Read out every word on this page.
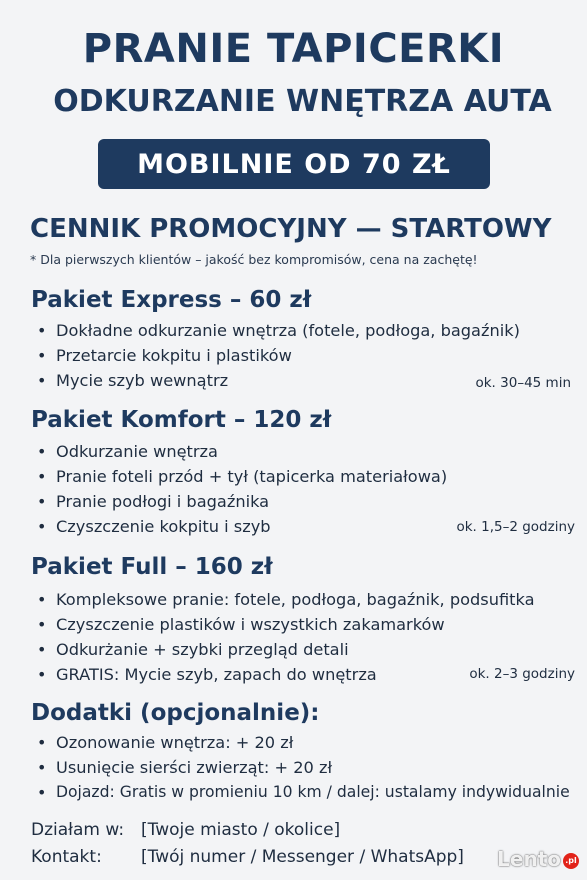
PRANIE TAPICERKI
ODKURZANIE WNĘTRZA AUTA
MOBILNIE OD 70 ZŁ
CENNIK PROMOCYJNY — STARTOWY
* Dla pierwszych klientów – jakość bez kompromisów, cena na zachętę!
Pakiet Express – 60 zł
• Dokładne odkurzanie wnętrza (fotele, podłoga, bagaźnik)
• Przetarcie kokpitu i plastików
• Mycie szyb wewnątrz	ok. 30–45 min
Pakiet Komfort – 120 zł
• Odkurzanie wnętrza
• Pranie foteli przód + tył (tapicerka materiałowa)
• Pranie podłogi i bagaźnika
• Czyszczenie kokpitu i szyb	ok. 1,5–2 godziny
Pakiet Full – 160 zł
• Kompleksowe pranie: fotele, podłoga, bagaźnik, podsufitka
• Czyszczenie plastików i wszystkich zakamarków
• Odkurżanie + szybki przegląd detali
• GRATIS: Mycie szyb, zapach do wnętrza	ok. 2–3 godziny
Dodatki (opcjonalnie):
• Ozonowanie wnętrza: + 20 zł
• Usunięcie sierści zwierząt: + 20 zł
• Dojazd: Gratis w promieniu 10 km / dalej: ustalamy indywidualnie
Działam w: [Twoje miasto / okolice]
Kontakt: [Twój numer / Messenger / WhatsApp] Lento .pl
